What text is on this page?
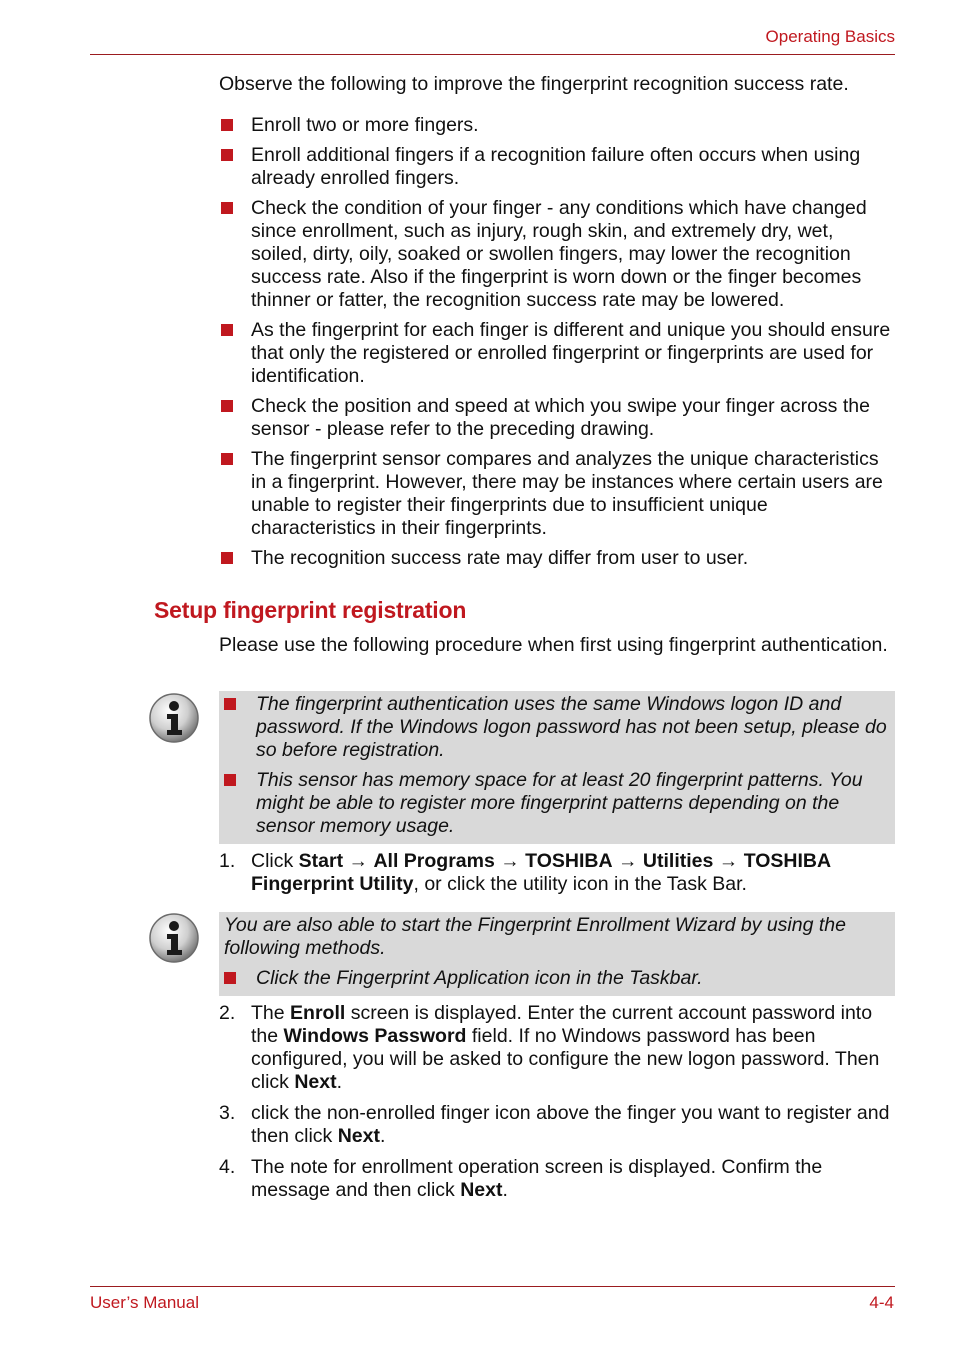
Operating Basics

Observe the following to improve the fingerprint recognition success rate.

Enroll two or more fingers.
Enroll additional fingers if a recognition failure often occurs when using already enrolled fingers.
Check the condition of your finger - any conditions which have changed since enrollment, such as injury, rough skin, and extremely dry, wet, soiled, dirty, oily, soaked or swollen fingers, may lower the recognition success rate. Also if the fingerprint is worn down or the finger becomes thinner or fatter, the recognition success rate may be lowered.
As the fingerprint for each finger is different and unique you should ensure that only the registered or enrolled fingerprint or fingerprints are used for identification.
Check the position and speed at which you swipe your finger across the sensor - please refer to the preceding drawing.
The fingerprint sensor compares and analyzes the unique characteristics in a fingerprint. However, there may be instances where certain users are unable to register their fingerprints due to insufficient unique characteristics in their fingerprints.
The recognition success rate may differ from user to user.
Setup fingerprint registration

Please use the following procedure when first using fingerprint authentication.

The fingerprint authentication uses the same Windows logon ID and password. If the Windows logon password has not been setup, please do so before registration.
This sensor has memory space for at least 20 fingerprint patterns. You might be able to register more fingerprint patterns depending on the sensor memory usage.
1. Click Start → All Programs → TOSHIBA → Utilities → TOSHIBA Fingerprint Utility, or click the utility icon in the Task Bar.
You are also able to start the Fingerprint Enrollment Wizard by using the following methods.
Click the Fingerprint Application icon in the Taskbar.
2. The Enroll screen is displayed. Enter the current account password into the Windows Password field. If no Windows password has been configured, you will be asked to configure the new logon password. Then click Next.
3. click the non-enrolled finger icon above the finger you want to register and then click Next.
4. The note for enrollment operation screen is displayed. Confirm the message and then click Next.
User’s Manual	4-4
